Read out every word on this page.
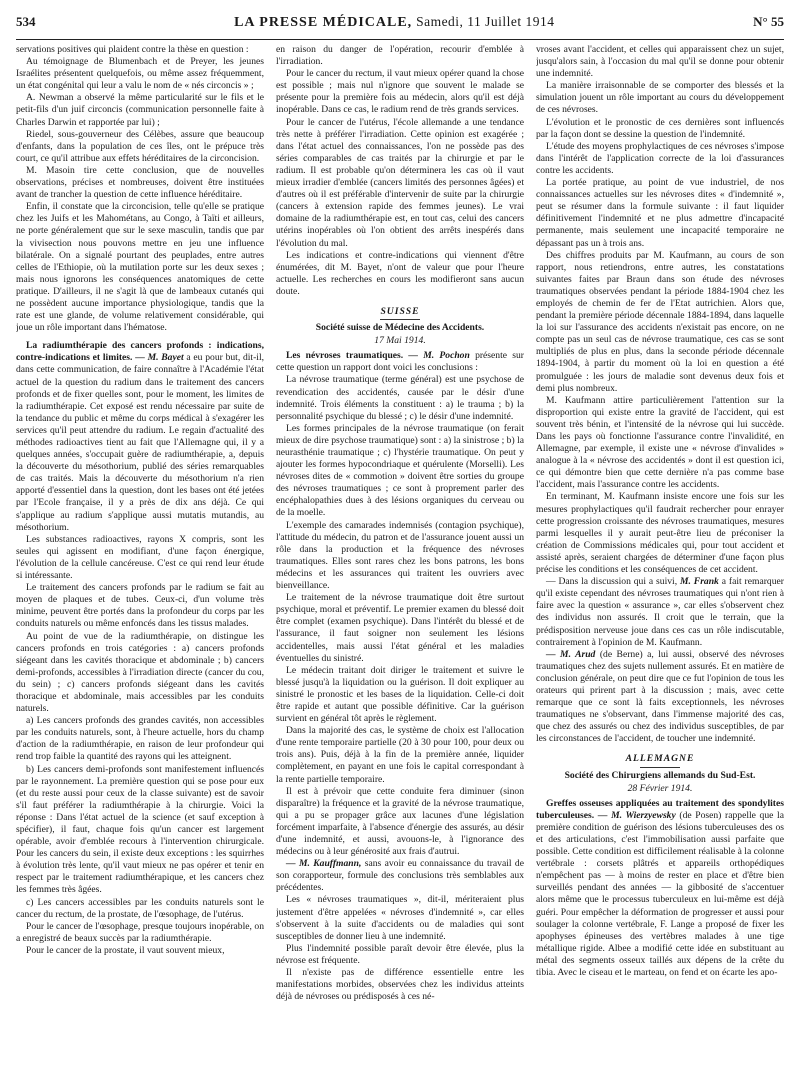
534	LA PRESSE MÉDICALE, Samedi, 11 Juillet 1914	N° 55

servations positives qui plaident contre la thèse en question :

Au témoignage de Blumenbach et de Preyer, les jeunes Israélites présentent quelquefois, ou même assez fréquemment, un état congénital qui leur a valu le nom de « nés circoncis » ;

A. Newman a observé la même particularité sur le fils et le petit-fils d'un juif circoncis (communication personnelle faite à Charles Darwin et rapportée par lui) ;

Riedel, sous-gouverneur des Célèbes, assure que beaucoup d'enfants, dans la population de ces îles, ont le prépuce très court, ce qu'il attribue aux effets héréditaires de la circoncision.

M. Masoin tire cette conclusion, que de nouvelles observations, précises et nombreuses, doivent être instituées avant de trancher la question de cette influence héréditaire.

Enfin, il constate que la circoncision, telle qu'elle se pratique chez les Juifs et les Mahométans, au Congo, à Taïti et ailleurs, ne porte généralement que sur le sexe masculin, tandis que par la vivisection nous pouvons mettre en jeu une influence bilatérale. On a signalé pourtant des peuplades, entre autres celles de l'Ethiopie, où la mutilation porte sur les deux sexes ; mais nous ignorons les conséquences anatomiques de cette pratique. D'ailleurs, il ne s'agit là que de lambeaux cutanés qui ne possèdent aucune importance physiologique, tandis que la rate est une glande, de volume relativement considérable, qui joue un rôle important dans l'hématose.

La radiumthérapie des cancers profonds : indications, contre-indications et limites. — M. Bayet a eu pour but, dit-il, dans cette communication, de faire connaître à l'Académie l'état actuel de la question du radium dans le traitement des cancers profonds et de fixer quelles sont, pour le moment, les limites de la radiumthérapie. Cet exposé est rendu nécessaire par suite de la tendance du public et même du corps médical à s'exagérer les services qu'il peut attendre du radium. Le regain d'actualité des méthodes radioactives tient au fait que l'Allemagne qui, il y a quelques années, s'occupait guère de radiumthérapie, a, depuis la découverte du mésothorium, publié des séries remarquables de cas traités. Mais la découverte du mésothorium n'a rien apporté d'essentiel dans la question, dont les bases ont été jetées par l'Ecole française, il y a près de dix ans déjà. Ce qui s'applique au radium s'applique aussi mutatis mutandis, au mésothorium.

Les substances radioactives, rayons X compris, sont les seules qui agissent en modifiant, d'une façon énergique, l'évolution de la cellule cancéreuse. C'est ce qui rend leur étude si intéressante.

Le traitement des cancers profonds par le radium se fait au moyen de plaques et de tubes. Ceux-ci, d'un volume très minime, peuvent être portés dans la profondeur du corps par les conduits naturels ou même enfoncés dans les tissus malades.

Au point de vue de la radiumthérapie, on distingue les cancers profonds en trois catégories : a) cancers profonds siégeant dans les cavités thoracique et abdominale ; b) cancers demi-profonds, accessibles à l'irradiation directe (cancer du cou, du sein) ; c) cancers profonds siégeant dans les cavités thoracique et abdominale, mais accessibles par les conduits naturels.

a) Les cancers profonds des grandes cavités, non accessibles par les conduits naturels, sont, à l'heure actuelle, hors du champ d'action de la radiumthérapie, en raison de leur profondeur qui rend trop faible la quantité des rayons qui les atteignent.

b) Les cancers demi-profonds sont manifestement influencés par le rayonnement. La première question qui se pose pour eux (et du reste aussi pour ceux de la classe suivante) est de savoir s'il faut préférer la radiumthérapie à la chirurgie. Voici la réponse : Dans l'état actuel de la science (et sauf exception à spécifier), il faut, chaque fois qu'un cancer est largement opérable, avoir d'emblée recours à l'intervention chirurgicale. Pour les cancers du sein, il existe deux exceptions : les squirrhes à évolution très lente, qu'il vaut mieux ne pas opérer et tenir en respect par le traitement radiumthérapique, et les cancers chez les femmes très âgées.

c) Les cancers accessibles par les conduits naturels sont le cancer du rectum, de la prostate, de l'œsophage, de l'utérus.

Pour le cancer de l'œsophage, presque toujours inopérable, on a enregistré de beaux succès par la radiumthérapie.

Pour le cancer de la prostate, il vaut souvent mieux,

en raison du danger de l'opération, recourir d'emblée à l'irradiation.

Pour le cancer du rectum, il vaut mieux opérer quand la chose est possible ; mais nul n'ignore que souvent le malade se présente pour la première fois au médecin, alors qu'il est déjà inopérable. Dans ce cas, le radium rend de très grands services.

Pour le cancer de l'utérus, l'école allemande a une tendance très nette à préférer l'irradiation. Cette opinion est exagérée ; dans l'état actuel des connaissances, l'on ne possède pas des séries comparables de cas traités par la chirurgie et par le radium. Il est probable qu'on déterminera les cas où il vaut mieux irradier d'emblée (cancers limités des personnes âgées) et d'autres où il est préférable d'intervenir de suite par la chirurgie (cancers à extension rapide des femmes jeunes). Le vrai domaine de la radiumthérapie est, en tout cas, celui des cancers utérins inopérables où l'on obtient des arrêts inespérés dans l'évolution du mal.

Les indications et contre-indications qui viennent d'être énumérées, dit M. Bayet, n'ont de valeur que pour l'heure actuelle. Les recherches en cours les modifieront sans aucun doute.

SUISSE
Société suisse de Médecine des Accidents.
17 Mai 1914.

Les névroses traumatiques. — M. Pochon présente sur cette question un rapport dont voici les conclusions :

La névrose traumatique (terme général) est une psychose de revendication des accidentés, causée par le désir d'une indemnité. Trois éléments la constituent : a) le trauma ; b) la personnalité psychique du blessé ; c) le désir d'une indemnité.

Les formes principales de la névrose traumatique (on ferait mieux de dire psychose traumatique) sont : a) la sinistrose ; b) la neurasthénie traumatique ; c) l'hystérie traumatique. On peut y ajouter les formes hypocondriaque et quérulente (Morselli). Les névroses dites de « commotion » doivent être sorties du groupe des névroses traumatiques ; ce sont à proprement parler des encéphalopathies dues à des lésions organiques du cerveau ou de la moelle.

L'exemple des camarades indemnisés (contagion psychique), l'attitude du médecin, du patron et de l'assurance jouent aussi un rôle dans la production et la fréquence des névroses traumatiques. Elles sont rares chez les bons patrons, les bons médecins et les assurances qui traitent les ouvriers avec bienveillance.

Le traitement de la névrose traumatique doit être surtout psychique, moral et préventif. Le premier examen du blessé doit être complet (examen psychique). Dans l'intérêt du blessé et de l'assurance, il faut soigner non seulement les lésions accidentelles, mais aussi l'état général et les maladies éventuelles du sinistré.

Le médecin traitant doit diriger le traitement et suivre le blessé jusqu'à la liquidation ou la guérison. Il doit expliquer au sinistré le pronostic et les bases de la liquidation. Celle-ci doit être rapide et autant que possible définitive. Car la guérison survient en général tôt après le règlement.

Dans la majorité des cas, le système de choix est l'allocation d'une rente temporaire partielle (20 à 30 pour 100, pour deux ou trois ans). Puis, déjà à la fin de la première année, liquider complètement, en payant en une fois le capital correspondant à la rente partielle temporaire.

Il est à prévoir que cette conduite fera diminuer (sinon disparaître) la fréquence et la gravité de la névrose traumatique, qui a pu se propager grâce aux lacunes d'une législation forcément imparfaite, à l'absence d'énergie des assurés, au désir d'une indemnité, et aussi, avouons-le, à l'ignorance des médecins ou à leur générosité aux frais d'autrui.

— M. Kauffmann, sans avoir eu connaissance du travail de son corapporteur, formule des conclusions très semblables aux précédentes.

Les « névroses traumatiques », dit-il, mériteraient plus justement d'être appelées « névroses d'indemnité », car elles s'observent à la suite d'accidents ou de maladies qui sont susceptibles de donner lieu à une indemnité.

Plus l'indemnité possible paraît devoir être élevée, plus la névrose est fréquente.

Il n'existe pas de différence essentielle entre les manifestations morbides, observées chez les individus atteints déjà de névroses ou prédisposés à ces né-

vroses avant l'accident, et celles qui apparaissent chez un sujet, jusqu'alors sain, à l'occasion du mal qu'il se donne pour obtenir une indemnité.

La manière irraisonnable de se comporter des blessés et la simulation jouent un rôle important au cours du développement de ces névroses.

L'évolution et le pronostic de ces dernières sont influencés par la façon dont se dessine la question de l'indemnité.

L'étude des moyens prophylactiques de ces névroses s'impose dans l'intérêt de l'application correcte de la loi d'assurances contre les accidents.

La portée pratique, au point de vue industriel, de nos connaissances actuelles sur les névroses dites « d'indemnité », peut se résumer dans la formule suivante : il faut liquider définitivement l'indemnité et ne plus admettre d'incapacité permanente, mais seulement une incapacité temporaire ne dépassant pas un à trois ans.

Des chiffres produits par M. Kaufmann, au cours de son rapport, nous retiendrons, entre autres, les constatations suivantes faites par Braun dans son étude des névroses traumatiques observées pendant la période 1884-1904 chez les employés de chemin de fer de l'Etat autrichien. Alors que, pendant la première période décennale 1884-1894, dans laquelle la loi sur l'assurance des accidents n'existait pas encore, on ne compte pas un seul cas de névrose traumatique, ces cas se sont multipliés de plus en plus, dans la seconde période décennale 1894-1904, à partir du moment où la loi en question a été promulguée : les jours de maladie sont devenus deux fois et demi plus nombreux.

M. Kaufmann attire particulièrement l'attention sur la disproportion qui existe entre la gravité de l'accident, qui est souvent très bénin, et l'intensité de la névrose qui lui succède. Dans les pays où fonctionne l'assurance contre l'invalidité, en Allemagne, par exemple, il existe une « névrose d'invalides » analogue à la « névrose des accidentés » dont il est question ici, ce qui démontre bien que cette dernière n'a pas comme base l'accident, mais l'assurance contre les accidents.

En terminant, M. Kaufmann insiste encore une fois sur les mesures prophylactiques qu'il faudrait rechercher pour enrayer cette progression croissante des névroses traumatiques, mesures parmi lesquelles il y aurait peut-être lieu de préconiser la création de Commissions médicales qui, pour tout accident et assisté après, seraient chargées de déterminer d'une façon plus précise les conditions et les conséquences de cet accident.

— Dans la discussion qui a suivi, M. Frank a fait remarquer qu'il existe cependant des névroses traumatiques qui n'ont rien à faire avec la question « assurance », car elles s'observent chez des individus non assurés. Il croit que le terrain, que la prédisposition nerveuse joue dans ces cas un rôle indiscutable, contrairement à l'opinion de M. Kaufmann.

— M. Arud (de Berne) a, lui aussi, observé des névroses traumatiques chez des sujets nullement assurés. Et en matière de conclusion générale, on peut dire que ce fut l'opinion de tous les orateurs qui prirent part à la discussion ; mais, avec cette remarque que ce sont là faits exceptionnels, les névroses traumatiques ne s'observant, dans l'immense majorité des cas, que chez des assurés ou chez des individus susceptibles, de par les circonstances de l'accident, de toucher une indemnité.

ALLEMAGNE
Société des Chirurgiens allemands du Sud-Est.
28 Février 1914.

Greffes osseuses appliquées au traitement des spondylites tuberculeuses. — M. Wierzyewsky (de Posen) rappelle que la première condition de guérison des lésions tuberculeuses des os et des articulations, c'est l'immobilisation aussi parfaite que possible. Cette condition est difficilement réalisable à la colonne vertébrale : corsets plâtrés et appareils orthopédiques n'empêchent pas — à moins de rester en place et d'être bien surveillés pendant des années — la gibbosité de s'accentuer alors même que le processus tuberculeux en lui-même est déjà guéri. Pour empêcher la déformation de progresser et aussi pour soulager la colonne vertébrale, F. Lange a proposé de fixer les apophyses épineuses des vertèbres malades à une tige métallique rigide. Albee a modifié cette idée en substituant au métal des segments osseux taillés aux dépens de la crête du tibia. Avec le ciseau et le marteau, on fend et on écarte les apo-
